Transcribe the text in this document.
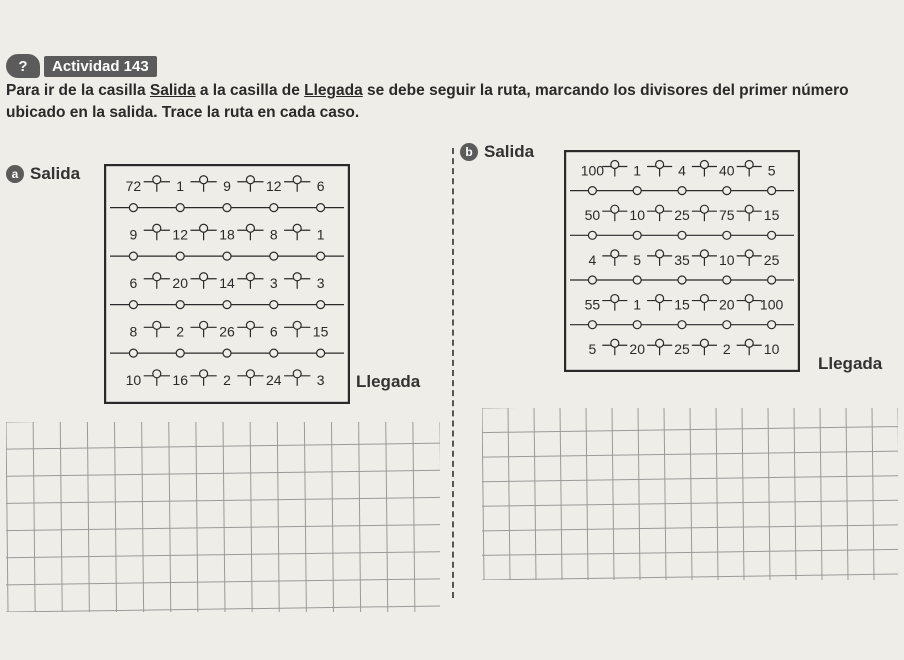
?	Actividad 143
Para ir de la casilla Salida a la casilla de Llegada se debe seguir la ruta, marcando los divisores del primer número ubicado en la salida. Trace la ruta en cada caso.
a Salida
72	1	9	12	6
9	12 18	8	1
6	20 14	3	3
8	2	26	6	15
10 16	2	24	3 Llegada
b Salida
100 1	4 40 5
50 10 25 75 15
4	5 35 10 25
55 1 15 20 100
5 20 25 2 10
Llegada
